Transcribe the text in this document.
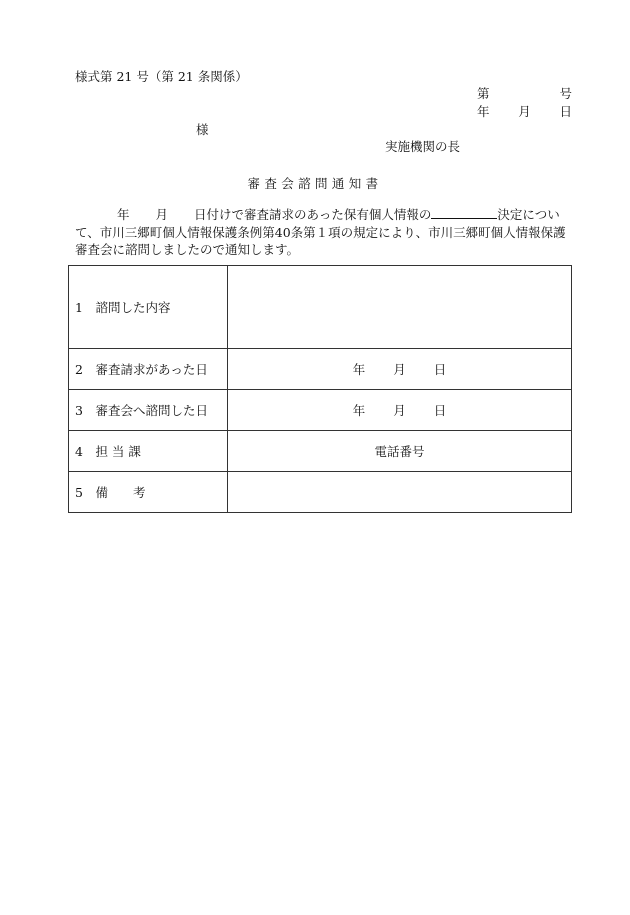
様式第 21 号（第 21 条関係）
第	号
年 月 日
様
実施機関の長
審査会諮問通知書
年 月 日付けで審査請求のあった保有個人情報の	決定について、市川三郷町個人情報保護条例第40条第１項の規定により、市川三郷町個人情報保護審査会に諮問しましたので通知します。
1　諮問した内容	
2　審査請求があった日	年 月 日

3　審査会へ諮問した日	年 月 日

4　担 当 課	電話番号
5　備　　考	
